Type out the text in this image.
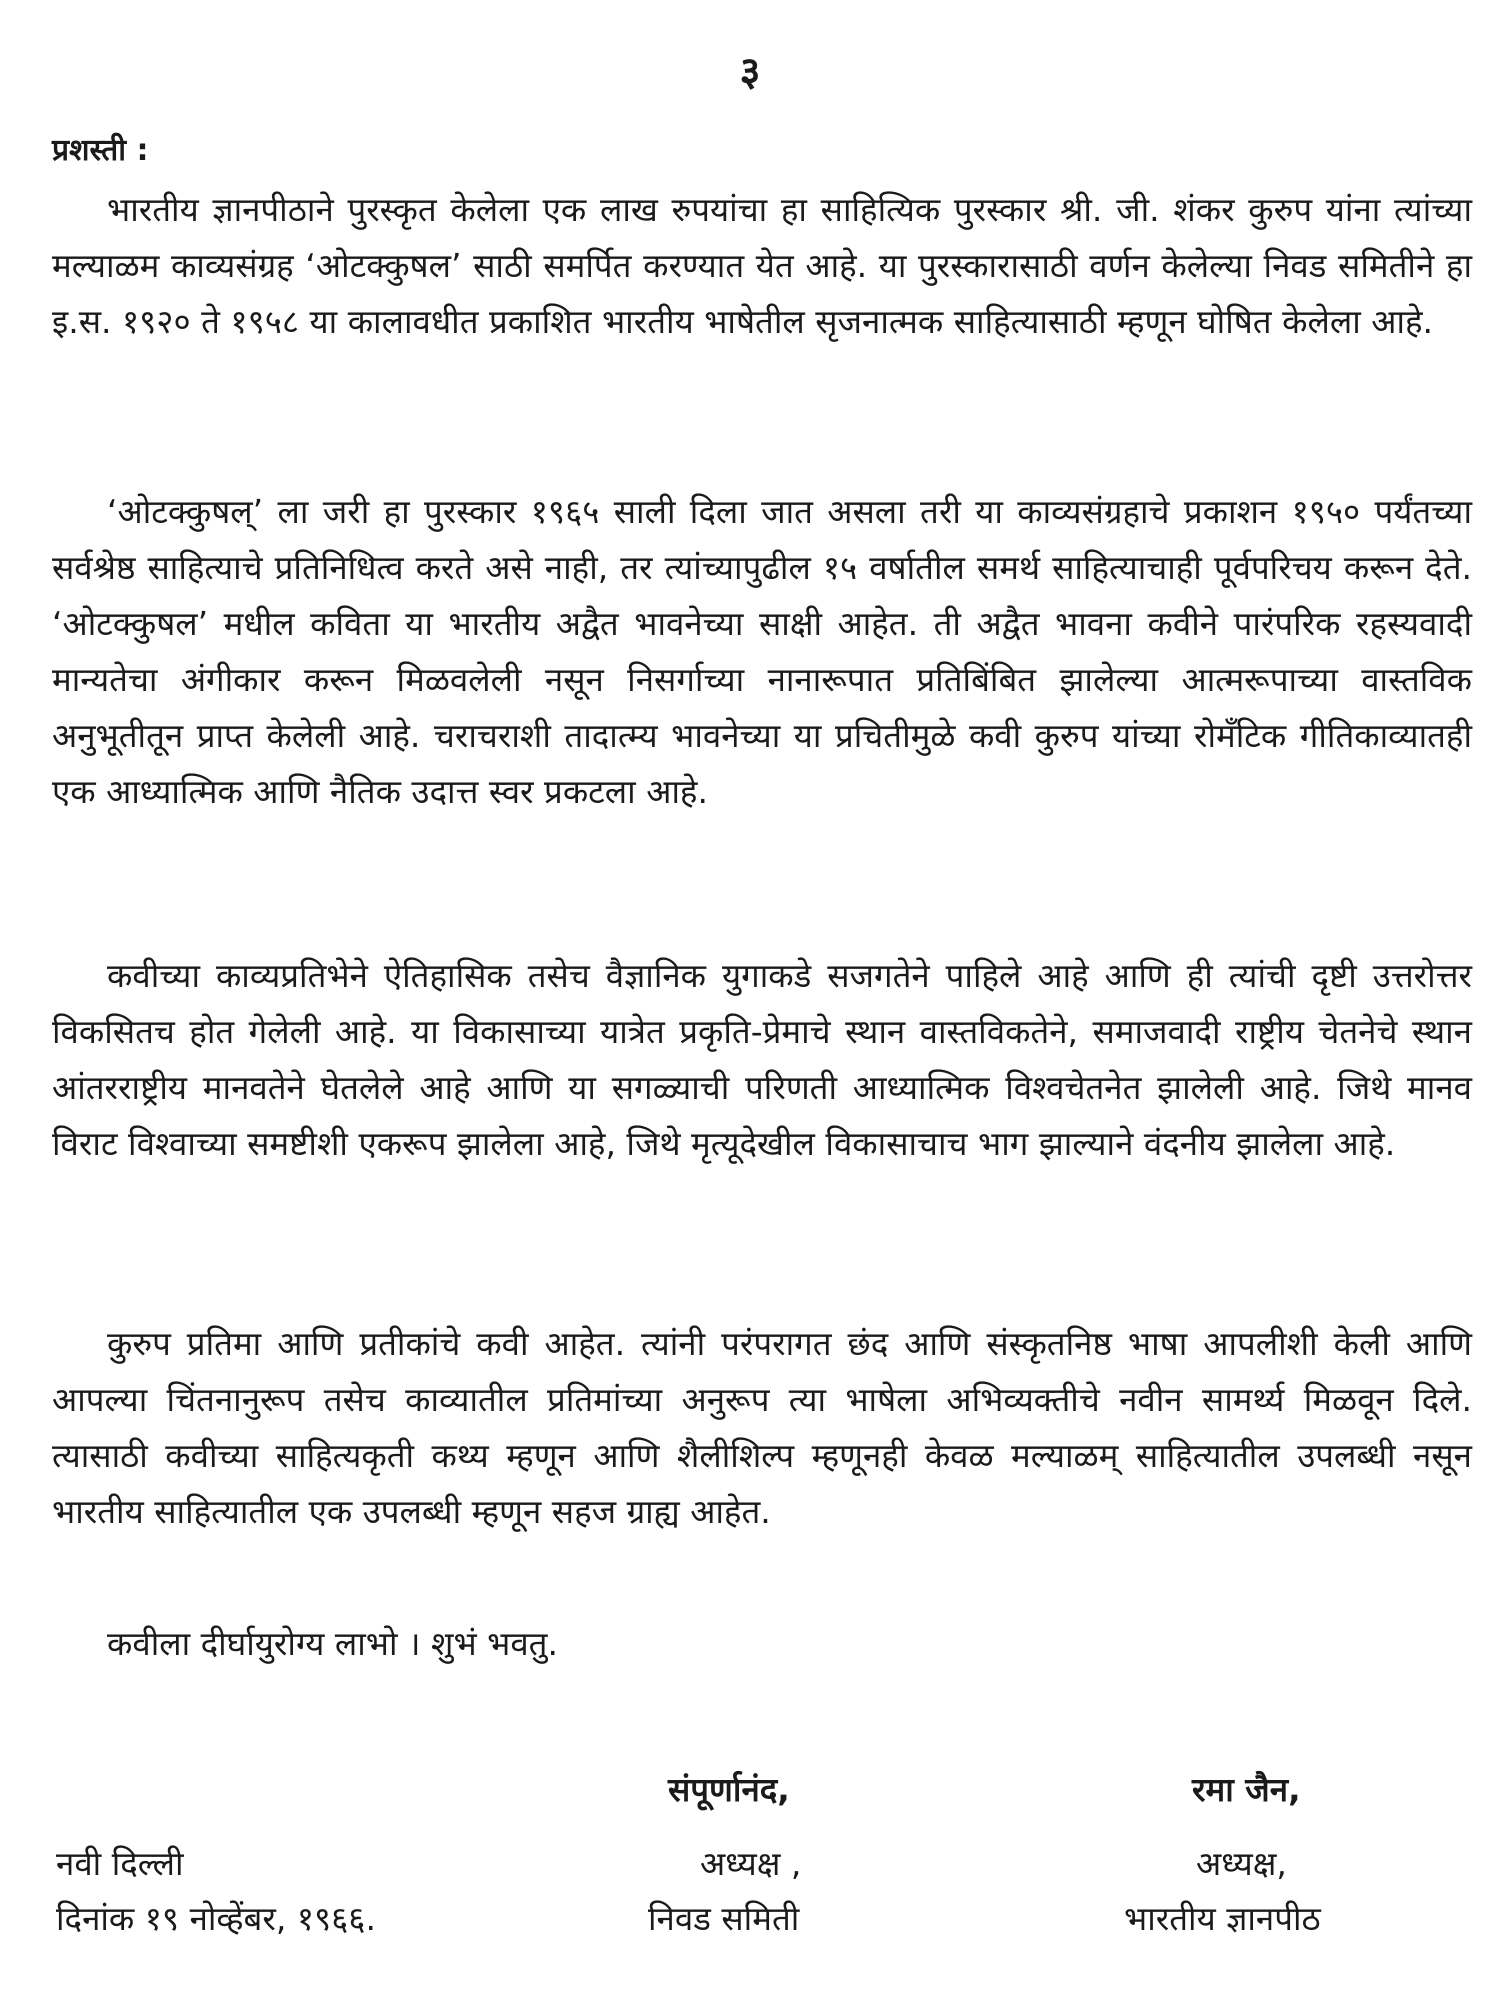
३
प्रशस्ती :

भारतीय ज्ञानपीठाने पुरस्कृत केलेला एक लाख रुपयांचा हा साहित्यिक पुरस्कार श्री. जी. शंकर कुरुप यांना त्यांच्या मल्याळम काव्यसंग्रह ‘ओटक्कुषल’ साठी समर्पित करण्यात येत आहे. या पुरस्कारासाठी वर्णन केलेल्या निवड समितीने हा इ.स. १९२० ते १९५८ या कालावधीत प्रकाशित भारतीय भाषेतील सृजनात्मक साहित्यासाठी म्हणून घोषित केलेला आहे.

‘ओटक्कुषल्’ ला जरी हा पुरस्कार १९६५ साली दिला जात असला तरी या काव्यसंग्रहाचे प्रकाशन १९५० पर्यंतच्या सर्वश्रेष्ठ साहित्याचे प्रतिनिधित्व करते असे नाही, तर त्यांच्यापुढील १५ वर्षातील समर्थ साहित्याचाही पूर्वपरिचय करून देते. ‘ओटक्कुषल’ मधील कविता या भारतीय अद्वैत भावनेच्या साक्षी आहेत. ती अद्वैत भावना कवीने पारंपरिक रहस्यवादी मान्यतेचा अंगीकार करून मिळवलेली नसून निसर्गाच्या नानारूपात प्रतिबिंबित झालेल्या आत्मरूपाच्या वास्तविक अनुभूतीतून प्राप्त केलेली आहे. चराचराशी तादात्म्य भावनेच्या या प्रचितीमुळे कवी कुरुप यांच्या रोमॅंटिक गीतिकाव्यातही एक आध्यात्मिक आणि नैतिक उदात्त स्वर प्रकटला आहे.

कवीच्या काव्यप्रतिभेने ऐतिहासिक तसेच वैज्ञानिक युगाकडे सजगतेने पाहिले आहे आणि ही त्यांची दृष्टी उत्तरोत्तर विकसितच होत गेलेली आहे. या विकासाच्या यात्रेत प्रकृति-प्रेमाचे स्थान वास्तविकतेने, समाजवादी राष्ट्रीय चेतनेचे स्थान आंतरराष्ट्रीय मानवतेने घेतलेले आहे आणि या सगळ्याची परिणती आध्यात्मिक विश्वचेतनेत झालेली आहे. जिथे मानव विराट विश्वाच्या समष्टीशी एकरूप झालेला आहे, जिथे मृत्यूदेखील विकासाचाच भाग झाल्याने वंदनीय झालेला आहे.

कुरुप प्रतिमा आणि प्रतीकांचे कवी आहेत. त्यांनी परंपरागत छंद आणि संस्कृतनिष्ठ भाषा आपलीशी केली आणि आपल्या चिंतनानुरूप तसेच काव्यातील प्रतिमांच्या अनुरूप त्या भाषेला अभिव्यक्तीचे नवीन सामर्थ्य मिळवून दिले. त्यासाठी कवीच्या साहित्यकृती कथ्य म्हणून आणि शैलीशिल्प म्हणूनही केवळ मल्याळम् साहित्यातील उपलब्धी नसून भारतीय साहित्यातील एक उपलब्धी म्हणून सहज ग्राह्य आहेत.

कवीला दीर्घायुरोग्य लाभो । शुभं भवतु.

संपूर्णानंद,
अध्यक्ष ,
निवड समिती
रमा जैन,
अध्यक्ष,
भारतीय ज्ञानपीठ
नवी दिल्ली
दिनांक १९ नोव्हेंबर, १९६६.
